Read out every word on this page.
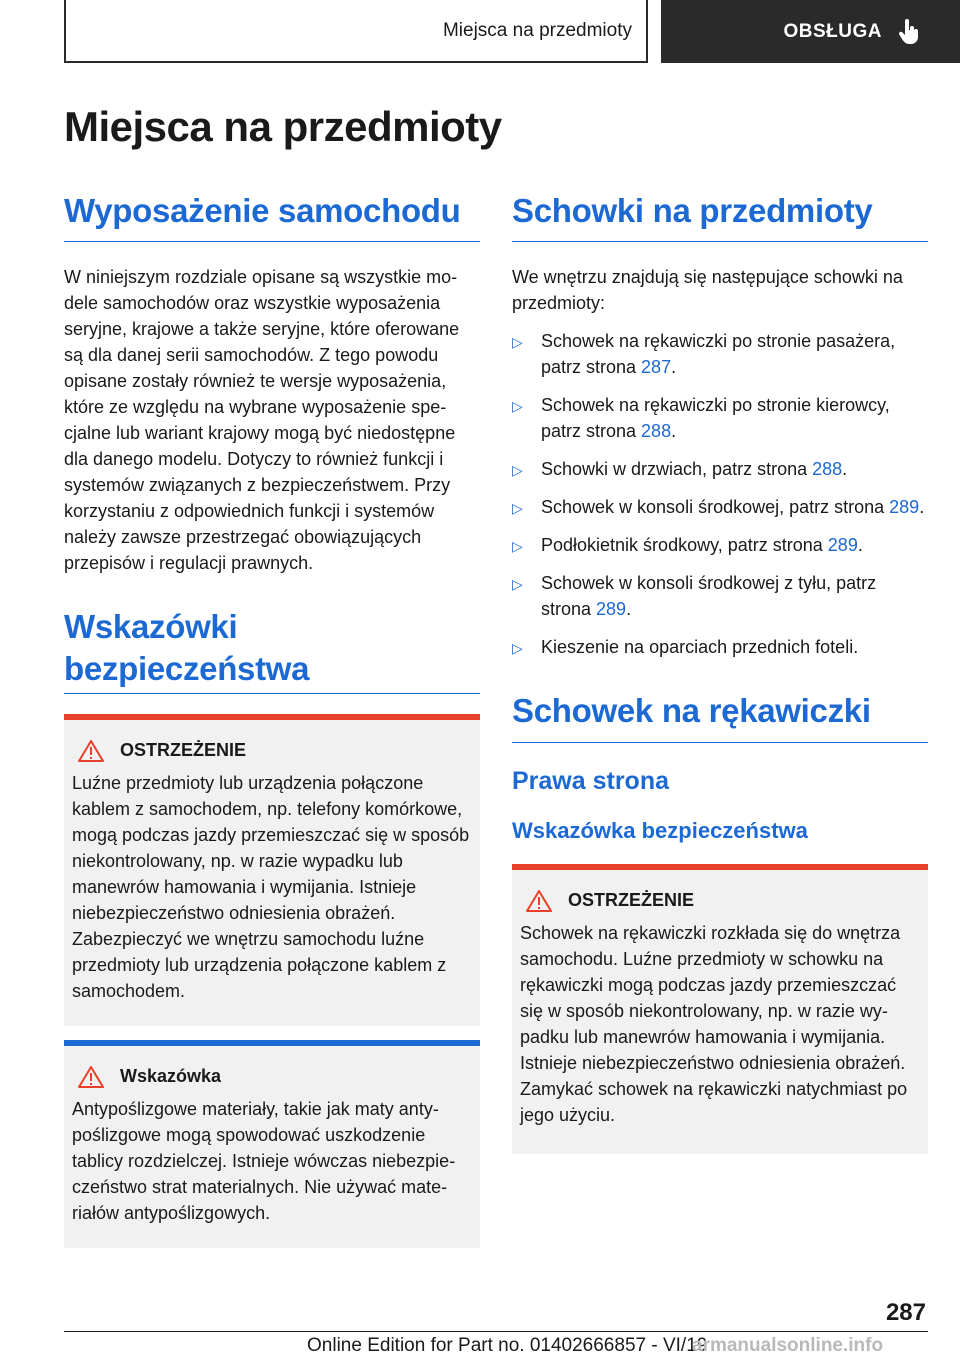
Miejsca na przedmioty	OBSŁUGA
Miejsca na przedmioty
Wyposażenie samochodu

W niniejszym rozdziale opisane są wszystkie modele samochodów oraz wszystkie wyposażenia seryjne, krajowe a także seryjne, które oferowane są dla danej serii samochodów. Z tego powodu opisane zostały również te wersje wyposażenia, które ze względu na wybrane wyposażenie specjalne lub wariant krajowy mogą być niedostępne dla danego modelu. Dotyczy to również funkcji i systemów związanych z bezpieczeństwem. Przy korzystaniu z odpowiednich funkcji i systemów należy zawsze przestrzegać obowiązujących przepisów i regulacji prawnych.

Wskazówki bezpieczeństwa
OSTRZEŻENIE

Luźne przedmioty lub urządzenia połączone kablem z samochodem, np. telefony komórkowe, mogą podczas jazdy przemieszczać się w sposób niekontrolowany, np. w razie wypadku lub manewrów hamowania i wymijania. Istnieje niebezpieczeństwo odniesienia obrażeń. Zabezpieczyć we wnętrzu samochodu luźne przedmioty lub urządzenia połączone kablem z samochodem.

Wskazówka

Antypoślizgowe materiały, takie jak maty antypoślizgowe mogą spowodować uszkodzenie tablicy rozdzielczej. Istnieje wówczas niebezpieczeństwo strat materialnych. Nie używać materiałów antypoślizgowych.

Schowki na przedmioty

We wnętrzu znajdują się następujące schowki na przedmioty:

▷ Schowek na rękawiczki po stronie pasażera, patrz strona 287.
▷ Schowek na rękawiczki po stronie kierowcy, patrz strona 288.
▷ Schowki w drzwiach, patrz strona 288.
▷ Schowek w konsoli środkowej, patrz strona 289.
▷ Podłokietnik środkowy, patrz strona 289.
▷ Schowek w konsoli środkowej z tyłu, patrz strona 289.
▷ Kieszenie na oparciach przednich foteli.
Schowek na rękawiczki
Prawa strona
Wskazówka bezpieczeństwa
OSTRZEŻENIE

Schowek na rękawiczki rozkłada się do wnętrza samochodu. Luźne przedmioty w schowku na rękawiczki mogą podczas jazdy przemieszczać się w sposób niekontrolowany, np. w razie wypadku lub manewrów hamowania i wymijania. Istnieje niebezpieczeństwo odniesienia obrażeń. Zamykać schowek na rękawiczki natychmiast po jego użyciu.

287
Online Edition for Part no. 01402666857 - VI/19
armanualsonline.info
